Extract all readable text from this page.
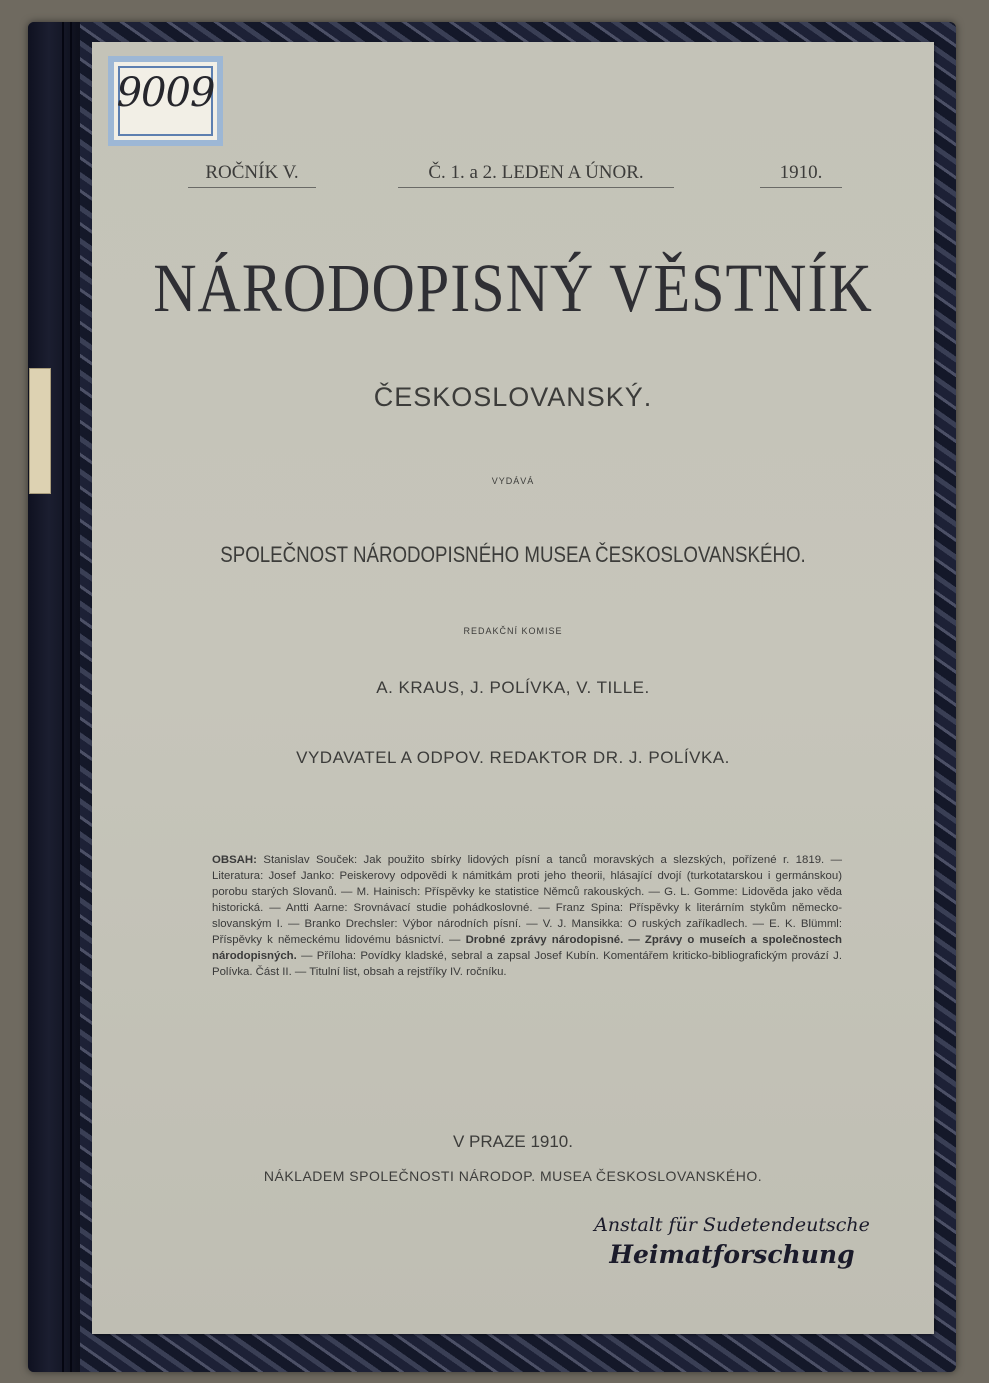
9009
ROČNÍK V.	Č. 1. a 2. LEDEN A ÚNOR.	1910.
NÁRODOPISNÝ VĚSTNÍK
ČESKOSLOVANSKÝ.
VYDÁVÁ
SPOLEČNOST NÁRODOPISNÉHO MUSEA ČESKOSLOVANSKÉHO.
REDAKČNÍ KOMISE
A. KRAUS, J. POLÍVKA, V. TILLE.
VYDAVATEL A ODPOV. REDAKTOR DR. J. POLÍVKA.
OBSAH: Stanislav Souček: Jak použito sbírky lidových písní a tanců moravských a slezských, pořízené r. 1819. — Literatura: Josef Janko: Peiskerovy odpovědi k námitkám proti jeho theorii, hlásající dvojí (turkotatarskou i germánskou) porobu starých Slovanů. — M. Hainisch: Příspěvky ke statistice Němců rakouských. — G. L. Gomme: Lidověda jako věda historická. — Antti Aarne: Srovnávací studie pohádkoslovné. — Franz Spina: Příspěvky k literárním stykům německo-slovanským I. — Branko Drechsler: Výbor národních písní. — V. J. Mansikka: O ruských zaříkadlech. — E. K. Blümml: Příspěvky k německému lidovému básnictví. — Drobné zprávy národopisné. — Zprávy o museích a společnostech národopisných. — Příloha: Povídky kladské, sebral a zapsal Josef Kubín. Komentářem kriticko-bibliografickým provází J. Polívka. Část II. — Titulní list, obsah a rejstříky IV. ročníku.
V PRAZE 1910.
NÁKLADEM SPOLEČNOSTI NÁRODOP. MUSEA ČESKOSLOVANSKÉHO.
Anstalt für Sudetendeutsche
Heimatforschung
